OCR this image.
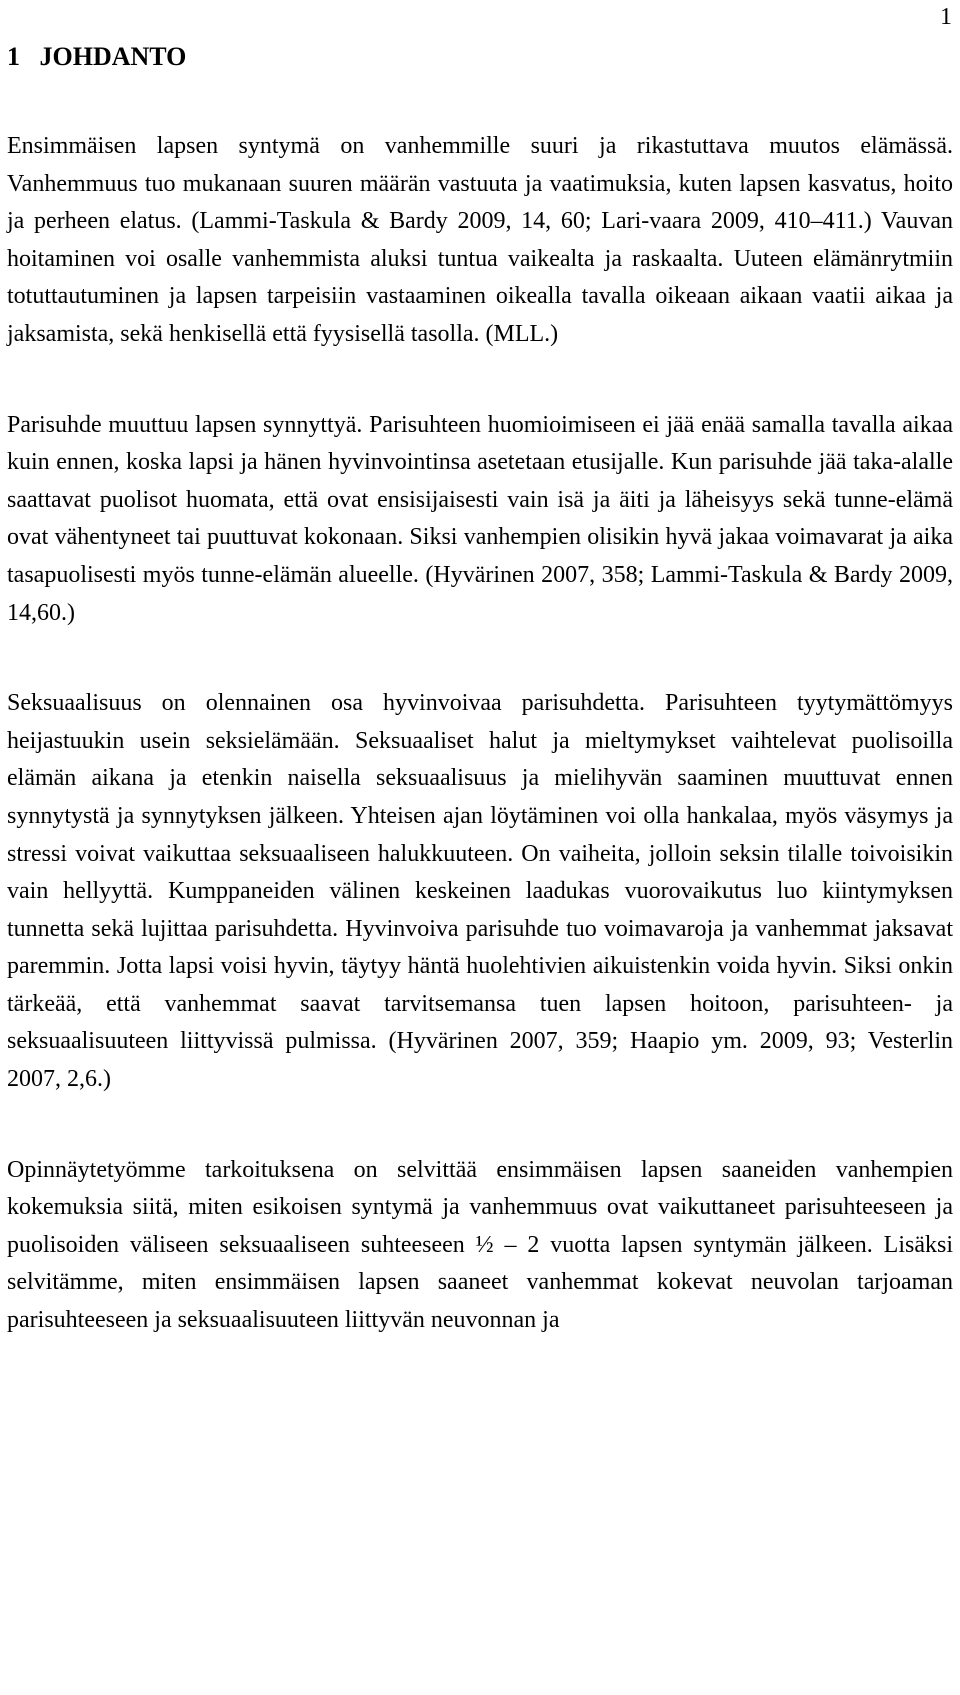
1
1 JOHDANTO

Ensimmäisen lapsen syntymä on vanhemmille suuri ja rikastuttava muutos elämässä. Vanhemmuus tuo mukanaan suuren määrän vastuuta ja vaatimuksia, kuten lapsen kasvatus, hoito ja perheen elatus. (Lammi-Taskula & Bardy 2009, 14, 60; Lari-vaara 2009, 410–411.) Vauvan hoitaminen voi osalle vanhemmista aluksi tuntua vaikealta ja raskaalta. Uuteen elämänrytmiin totuttautuminen ja lapsen tarpeisiin vastaaminen oikealla tavalla oikeaan aikaan vaatii aikaa ja jaksamista, sekä henkisellä että fyysisellä tasolla. (MLL.)

Parisuhde muuttuu lapsen synnyttyä. Parisuhteen huomioimiseen ei jää enää samalla tavalla aikaa kuin ennen, koska lapsi ja hänen hyvinvointinsa asetetaan etusijalle. Kun parisuhde jää taka-alalle saattavat puolisot huomata, että ovat ensisijaisesti vain isä ja äiti ja läheisyys sekä tunne-elämä ovat vähentyneet tai puuttuvat kokonaan. Siksi vanhempien olisikin hyvä jakaa voimavarat ja aika tasapuolisesti myös tunne-elämän alueelle. (Hyvärinen 2007, 358; Lammi-Taskula & Bardy 2009, 14,60.)

Seksuaalisuus on olennainen osa hyvinvoivaa parisuhdetta. Parisuhteen tyytymättömyys heijastuukin usein seksielämään. Seksuaaliset halut ja mieltymykset vaihtelevat puolisoilla elämän aikana ja etenkin naisella seksuaalisuus ja mielihyvän saaminen muuttuvat ennen synnytystä ja synnytyksen jälkeen. Yhteisen ajan löytäminen voi olla hankalaa, myös väsymys ja stressi voivat vaikuttaa seksuaaliseen halukkuuteen. On vaiheita, jolloin seksin tilalle toivoisikin vain hellyyttä. Kumppaneiden välinen keskeinen laadukas vuorovaikutus luo kiintymyksen tunnetta sekä lujittaa parisuhdetta. Hyvinvoiva parisuhde tuo voimavaroja ja vanhemmat jaksavat paremmin. Jotta lapsi voisi hyvin, täytyy häntä huolehtivien aikuistenkin voida hyvin. Siksi onkin tärkeää, että vanhemmat saavat tarvitsemansa tuen lapsen hoitoon, parisuhteen- ja seksuaalisuuteen liittyvissä pulmissa. (Hyvärinen 2007, 359; Haapio ym. 2009, 93; Vesterlin 2007, 2,6.)

Opinnäytetyömme tarkoituksena on selvittää ensimmäisen lapsen saaneiden vanhempien kokemuksia siitä, miten esikoisen syntymä ja vanhemmuus ovat vaikuttaneet parisuhteeseen ja puolisoiden väliseen seksuaaliseen suhteeseen ½ – 2 vuotta lapsen syntymän jälkeen. Lisäksi selvitämme, miten ensimmäisen lapsen saaneet vanhemmat kokevat neuvolan tarjoaman parisuhteeseen ja seksuaalisuuteen liittyvän neuvonnan ja
